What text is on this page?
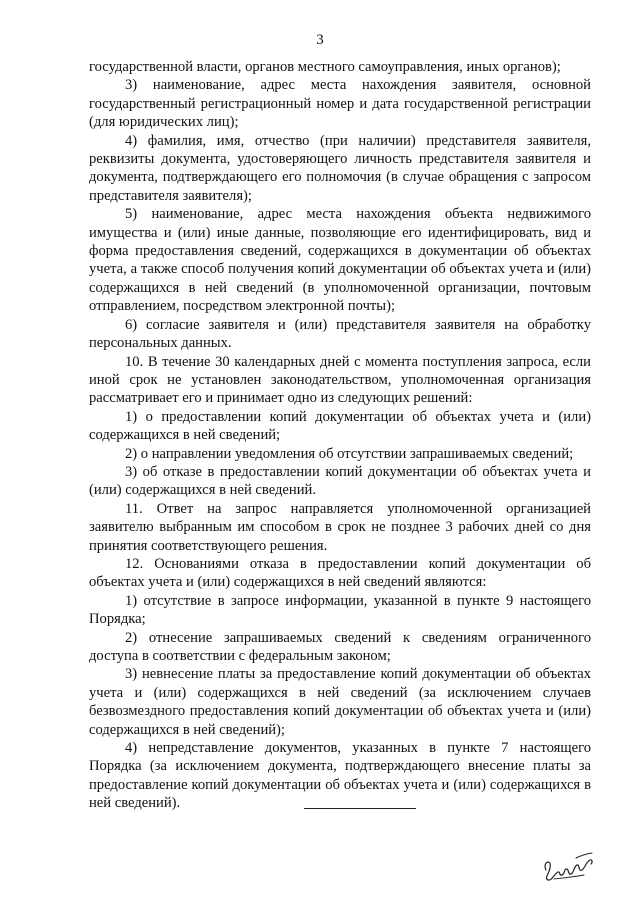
3

государственной власти, органов местного самоуправления, иных органов);

3) наименование, адрес места нахождения заявителя, основной государственный регистрационный номер и дата государственной регистрации (для юридических лиц);

4) фамилия, имя, отчество (при наличии) представителя заявителя, реквизиты документа, удостоверяющего личность представителя заявителя и документа, подтверждающего его полномочия (в случае обращения с запросом представителя заявителя);

5) наименование, адрес места нахождения объекта недвижимого имущества и (или) иные данные, позволяющие его идентифицировать, вид и форма предоставления сведений, содержащихся в документации об объектах учета, а также способ получения копий документации об объектах учета и (или) содержащихся в ней сведений (в уполномоченной организации, почтовым отправлением, посредством электронной почты);

6) согласие заявителя и (или) представителя заявителя на обработку персональных данных.

10. В течение 30 календарных дней с момента поступления запроса, если иной срок не установлен законодательством, уполномоченная организация рассматривает его и принимает одно из следующих решений:

1) о предоставлении копий документации об объектах учета и (или) содержащихся в ней сведений;

2) о направлении уведомления об отсутствии запрашиваемых сведений;

3) об отказе в предоставлении копий документации об объектах учета и (или) содержащихся в ней сведений.

11. Ответ на запрос направляется уполномоченной организацией заявителю выбранным им способом в срок не позднее 3 рабочих дней со дня принятия соответствующего решения.

12. Основаниями отказа в предоставлении копий документации об объектах учета и (или) содержащихся в ней сведений являются:

1) отсутствие в запросе информации, указанной в пункте 9 настоящего Порядка;

2) отнесение запрашиваемых сведений к сведениям ограниченного доступа в соответствии с федеральным законом;

3) невнесение платы за предоставление копий документации об объектах учета и (или) содержащихся в ней сведений (за исключением случаев безвозмездного предоставления копий документации об объектах учета и (или) содержащихся в ней сведений);

4) непредставление документов, указанных в пункте 7 настоящего Порядка (за исключением документа, подтверждающего внесение платы за предоставление копий документации об объектах учета и (или) содержащихся в ней сведений).
